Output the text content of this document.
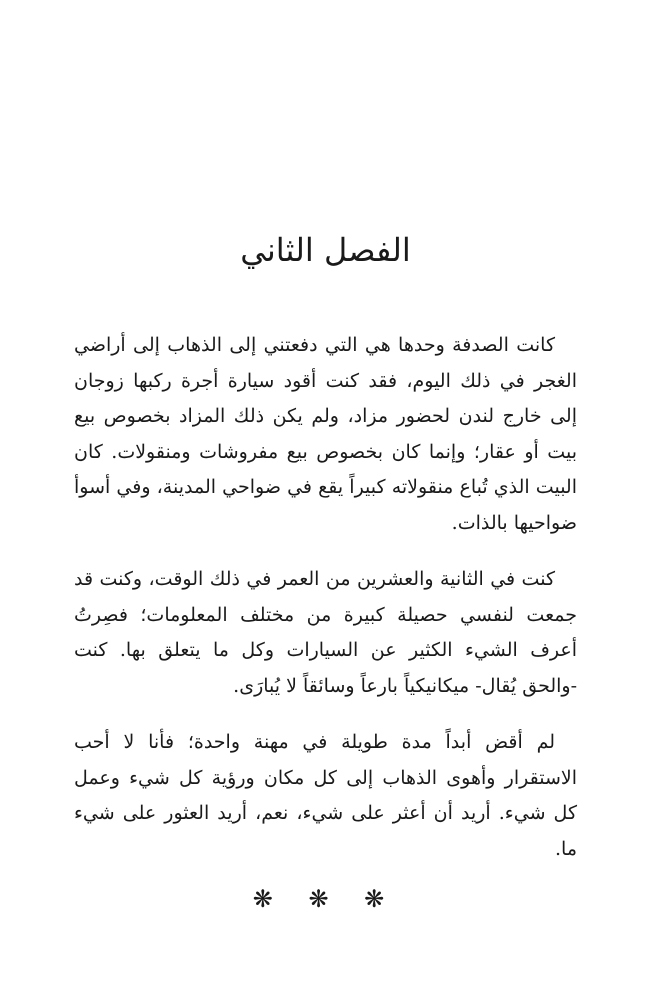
الفصل الثاني

كانت الصدفة وحدها هي التي دفعتني إلى الذهاب إلى أراضي الغجر في ذلك اليوم، فقد كنت أقود سيارة أجرة ركبها زوجان إلى خارج لندن لحضور مزاد، ولم يكن ذلك المزاد بخصوص بيع بيت أو عقار؛ وإنما كان بخصوص بيع مفروشات ومنقولات. كان البيت الذي تُباع منقولاته كبيراً يقع في ضواحي المدينة، وفي أسوأ ضواحيها بالذات.

كنت في الثانية والعشرين من العمر في ذلك الوقت، وكنت قد جمعت لنفسي حصيلة كبيرة من مختلف المعلومات؛ فصِرتُ أعرف الشيء الكثير عن السيارات وكل ما يتعلق بها. كنت -والحق يُقال- ميكانيكياً بارعاً وسائقاً لا يُبارَى.

لم أقض أبداً مدة طويلة في مهنة واحدة؛ فأنا لا أحب الاستقرار وأهوى الذهاب إلى كل مكان ورؤية كل شيء وعمل كل شيء. أريد أن أعثر على شيء، نعم، أريد العثور على شيء ما.

❋ ❋ ❋
